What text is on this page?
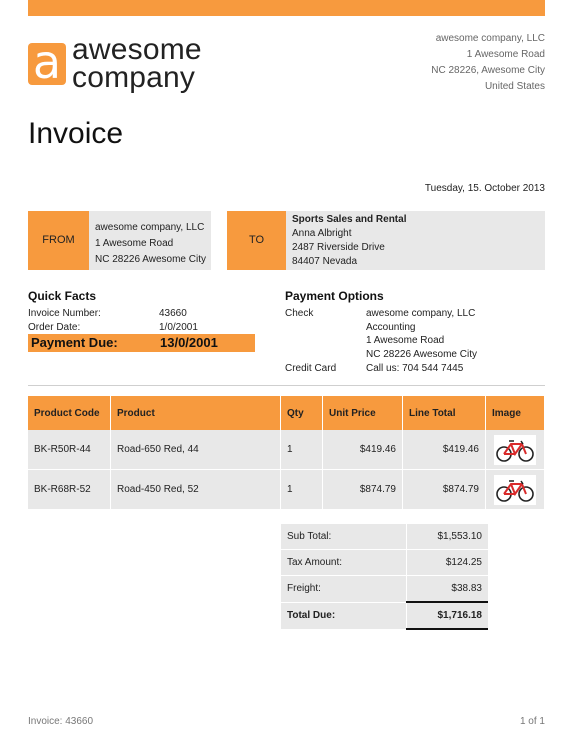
a awesome
company
awesome company, LLC
1 Awesome Road
NC 28226, Awesome City
United States
Invoice
Tuesday, 15. October 2013
FROM
awesome company, LLC
1 Awesome Road
NC 28226 Awesome City
TO
Sports Sales and Rental
Anna Albright
2487 Riverside Drive
84407 Nevada
Quick Facts
Invoice Number:	43660
Order Date:	1/0/2001
Payment Due:	13/0/2001
Payment Options
Check	awesome company, LLC
Accounting
1 Awesome Road
NC 28226 Awesome City
Credit Card	Call us: 704 544 7445
Product Code	Product	Qty	Unit Price	Line Total	Image
BK-R50R-44	Road-650 Red, 44	1	$419.46	$419.46	
BK-R68R-52	Road-450 Red, 52	1	$874.79	$874.79	
Sub Total:	$1,553.10
Tax Amount:	$124.25
Freight:	$38.83
Total Due:	$1,716.18
Invoice: 43660	1 of 1
